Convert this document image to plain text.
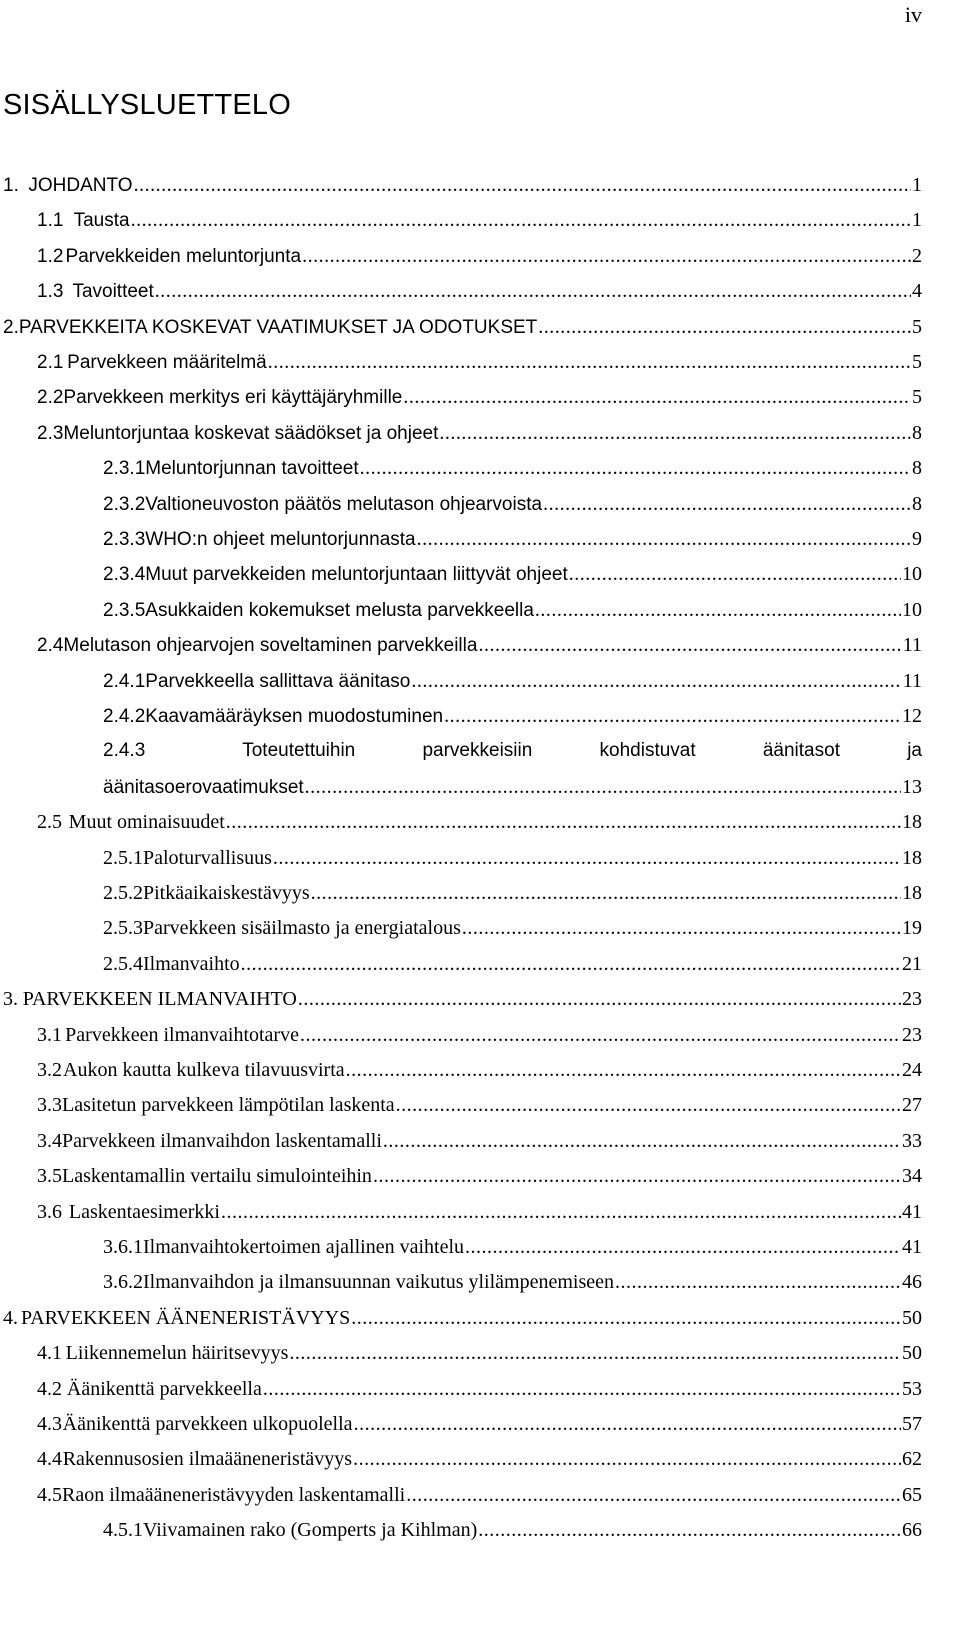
iv
SISÄLLYSLUETTELO
1. JOHDANTO .....	1
1.1 Tausta .....	1
1.2 Parvekkeiden meluntorjunta .....	2
1.3 Tavoitteet .....	4
2. PARVEKKEITA KOSKEVAT VAATIMUKSET JA ODOTUKSET .....	5
2.1 Parvekkeen määritelmä .....	5
2.2 Parvekkeen merkitys eri käyttäjäryhmille .....	5
2.3 Meluntorjuntaa koskevat säädökset ja ohjeet .....	8
2.3.1 Meluntorjunnan tavoitteet .....	8
2.3.2 Valtioneuvoston päätös melutason ohjearvoista .....	8
2.3.3 WHO:n ohjeet meluntorjunnasta .....	9
2.3.4 Muut parvekkeiden meluntorjuntaan liittyvät ohjeet .....	10
2.3.5 Asukkaiden kokemukset melusta parvekkeella .....	10
2.4 Melutason ohjearvojen soveltaminen parvekkeilla .....	11
2.4.1 Parvekkeella sallittava äänitaso .....	11
2.4.2 Kaavamääräyksen muodostuminen .....	12
2.4.3	Toteutettuihin	parvekkeisiin	kohdistuvat	äänitasot	ja
äänitasoerovaatimukset .....	13
2.5 Muut ominaisuudet .....	18
2.5.1 Paloturvallisuus .....	18
2.5.2 Pitkäaikaiskestävyys .....	18
2.5.3 Parvekkeen sisäilmasto ja energiatalous .....	19
2.5.4 Ilmanvaihto .....	21
3. PARVEKKEEN ILMANVAIHTO .....	23
3.1 Parvekkeen ilmanvaihtotarve .....	23
3.2 Aukon kautta kulkeva tilavuusvirta .....	24
3.3 Lasitetun parvekkeen lämpötilan laskenta .....	27
3.4 Parvekkeen ilmanvaihdon laskentamalli .....	33
3.5 Laskentamallin vertailu simulointeihin .....	34
3.6 Laskentaesimerkki .....	41
3.6.1 Ilmanvaihtokertoimen ajallinen vaihtelu .....	41
3.6.2 Ilmanvaihdon ja ilmansuunnan vaikutus ylilämpenemiseen .....	46
4. PARVEKKEEN ÄÄNENERISTÄVYYS .....	50
4.1 Liikennemelun häiritsevyys .....	50
4.2 Äänikenttä parvekkeella .....	53
4.3 Äänikenttä parvekkeen ulkopuolella .....	57
4.4 Rakennusosien ilmaääneneristävyys .....	62
4.5 Raon ilmaääneneristävyyden laskentamalli .....	65
4.5.1 Viivamainen rako (Gomperts ja Kihlman) .....	66
